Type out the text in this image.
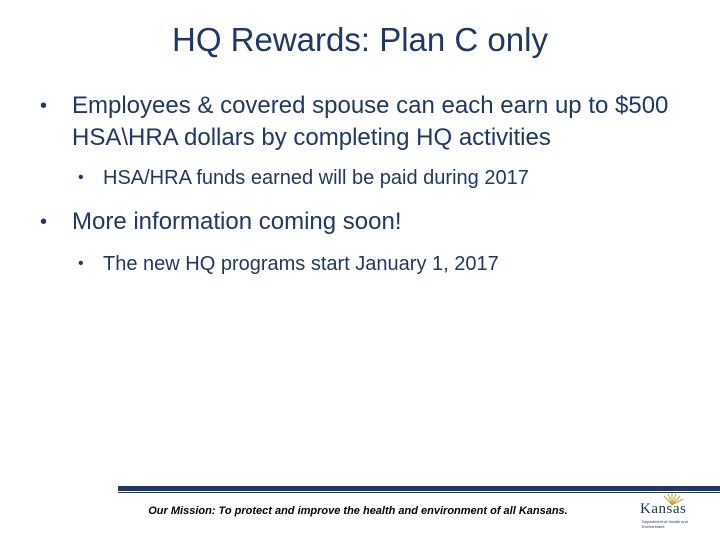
HQ Rewards: Plan C only

• Employees & covered spouse can each earn up to $500 HSA\HRA dollars by completing HQ activities

• HSA/HRA funds earned will be paid during 2017

• More information coming soon!

• The new HQ programs start January 1, 2017

Our Mission: To protect and improve the health and environment of all Kansans.	Kansas
Department of Health and Environment
